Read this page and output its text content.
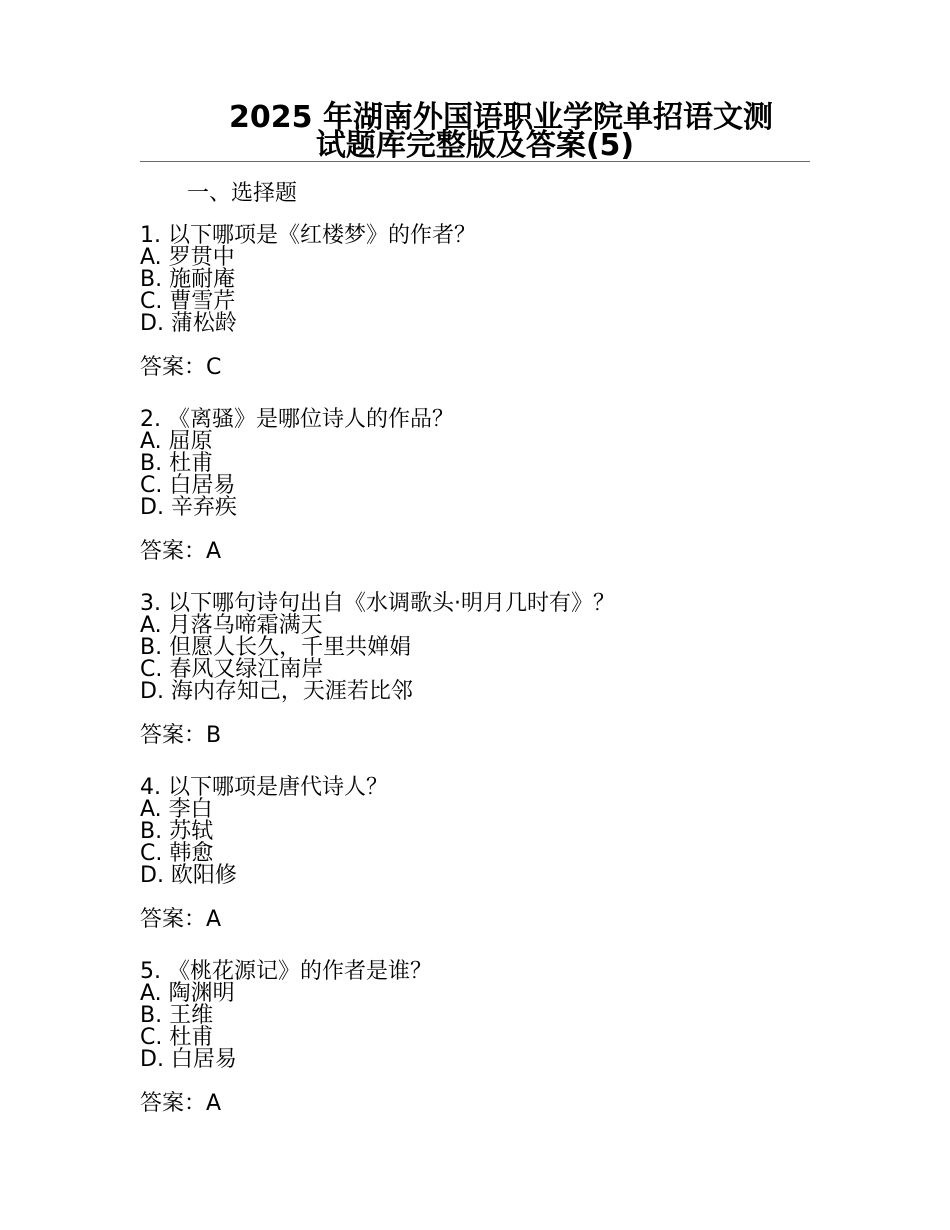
2025 年湖南外国语职业学院单招语文测
试题库完整版及答案(5)
一、选择题
1. 以下哪项是《红楼梦》的作者？
A. 罗贯中
B. 施耐庵
C. 曹雪芹
D. 蒲松龄
答案：C
2. 《离骚》是哪位诗人的作品？
A. 屈原
B. 杜甫
C. 白居易
D. 辛弃疾
答案：A
3. 以下哪句诗句出自《水调歌头·明月几时有》？
A. 月落乌啼霜满天
B. 但愿人长久，千里共婵娟
C. 春风又绿江南岸
D. 海内存知己，天涯若比邻
答案：B
4. 以下哪项是唐代诗人？
A. 李白
B. 苏轼
C. 韩愈
D. 欧阳修
答案：A
5. 《桃花源记》的作者是谁？
A. 陶渊明
B. 王维
C. 杜甫
D. 白居易
答案：A
